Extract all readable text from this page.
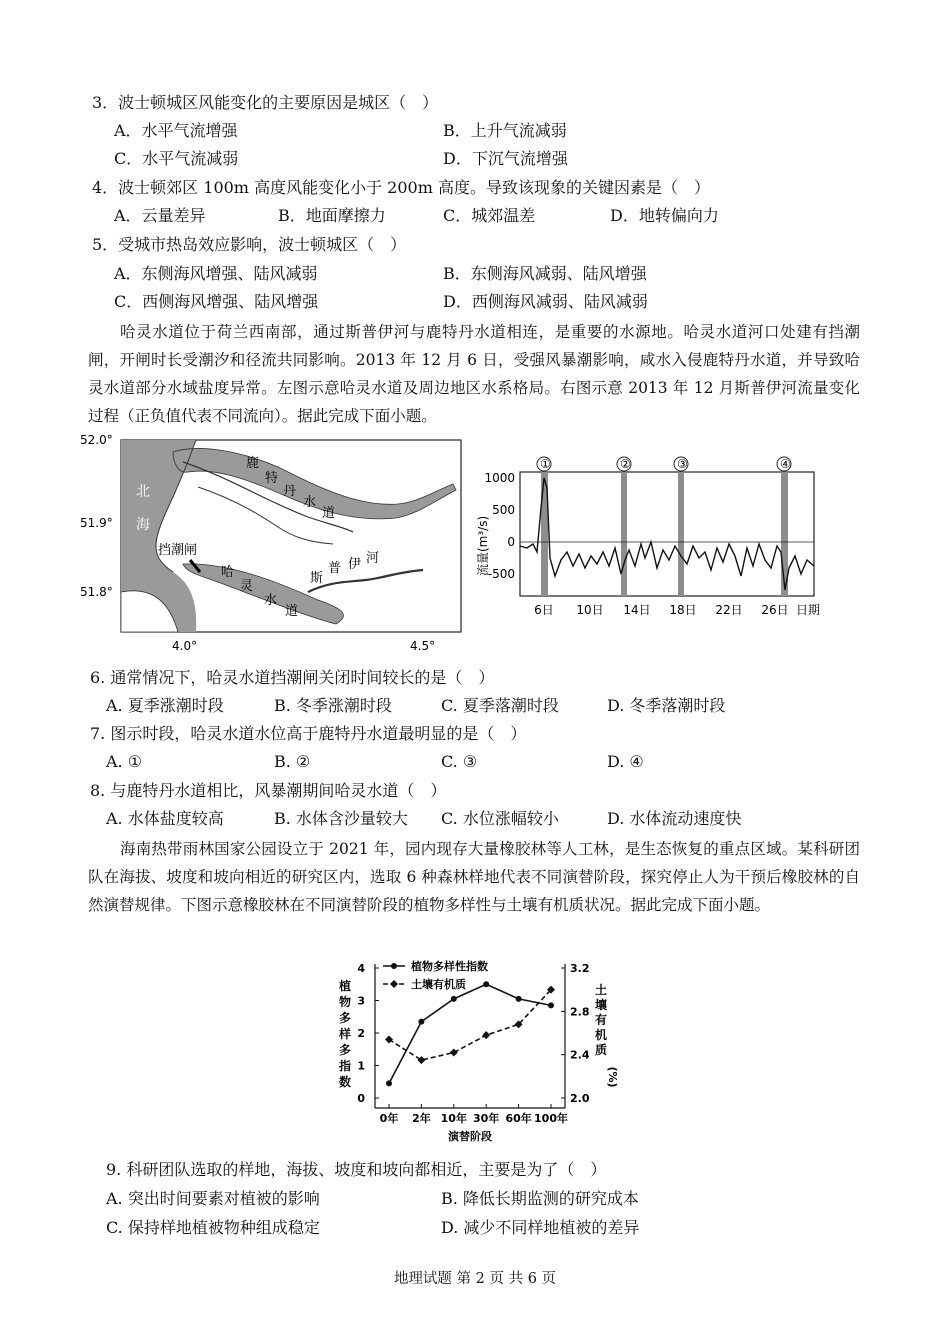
3．波士顿城区风能变化的主要原因是城区（　）
A．水平气流增强	B．上升气流减弱
C．水平气流减弱	D．下沉气流增强
4．波士顿郊区 100m 高度风能变化小于 200m 高度。导致该现象的关键因素是（　）
A．云量差异	B．地面摩擦力	C．城郊温差	D．地转偏向力
5．受城市热岛效应影响，波士顿城区（　）
A．东侧海风增强、陆风减弱	B．东侧海风减弱、陆风增强
C．西侧海风增强、陆风增强	D．西侧海风减弱、陆风减弱
哈灵水道位于荷兰西南部，通过斯普伊河与鹿特丹水道相连，是重要的水源地。哈灵水道河口处建有挡潮闸，开闸时长受潮汐和径流共同影响。2013 年 12 月 6 日，受强风暴潮影响，咸水入侵鹿特丹水道，并导致哈灵水道部分水域盐度异常。左图示意哈灵水道及周边地区水系格局。右图示意 2013 年 12 月斯普伊河流量变化过程（正负值代表不同流向）。据此完成下面小题。
52.0°
51.9°
51.8°
4.0°	4.5°
北
海
挡潮闸
哈
灵
水
道
鹿
特
丹
水
道
斯
普 伊 河
①	②	③	④
1000
500
0
-500
流量(m³/s)
6日 10日 14日 18日 22日 26日 日期
6. 通常情况下，哈灵水道挡潮闸关闭时间较长的是（　）
A. 夏季涨潮时段	B. 冬季涨潮时段	C. 夏季落潮时段	D. 冬季落潮时段
7. 图示时段，哈灵水道水位高于鹿特丹水道最明显的是（　）
A. ①	B. ②	C. ③	D. ④
8. 与鹿特丹水道相比，风暴潮期间哈灵水道（　）
A. 水体盐度较高	B. 水体含沙量较大 C. 水位涨幅较小	D. 水体流动速度快
海南热带雨林国家公园设立于 2021 年，园内现存大量橡胶林等人工林，是生态恢复的重点区域。某科研团队在海拔、坡度和坡向相近的研究区内，选取 6 种森林样地代表不同演替阶段，探究停止人为干预后橡胶林的自然演替规律。下图示意橡胶林在不同演替阶段的植物多样性与土壤有机质状况。据此完成下面小题。
0
1
2
3
4
2.0
2.4
2.8
3.2
0年 2年 10年 30年 60年 100年
演替阶段
植
物
多
样
多
指
数
土
壤
有
机
质
(%)
植物多样性指数
土壤有机质
9. 科研团队选取的样地，海拔、坡度和坡向都相近，主要是为了（　）
A. 突出时间要素对植被的影响	B. 降低长期监测的研究成本
C. 保持样地植被物种组成稳定	D. 减少不同样地植被的差异
地理试题 第 2 页 共 6 页
